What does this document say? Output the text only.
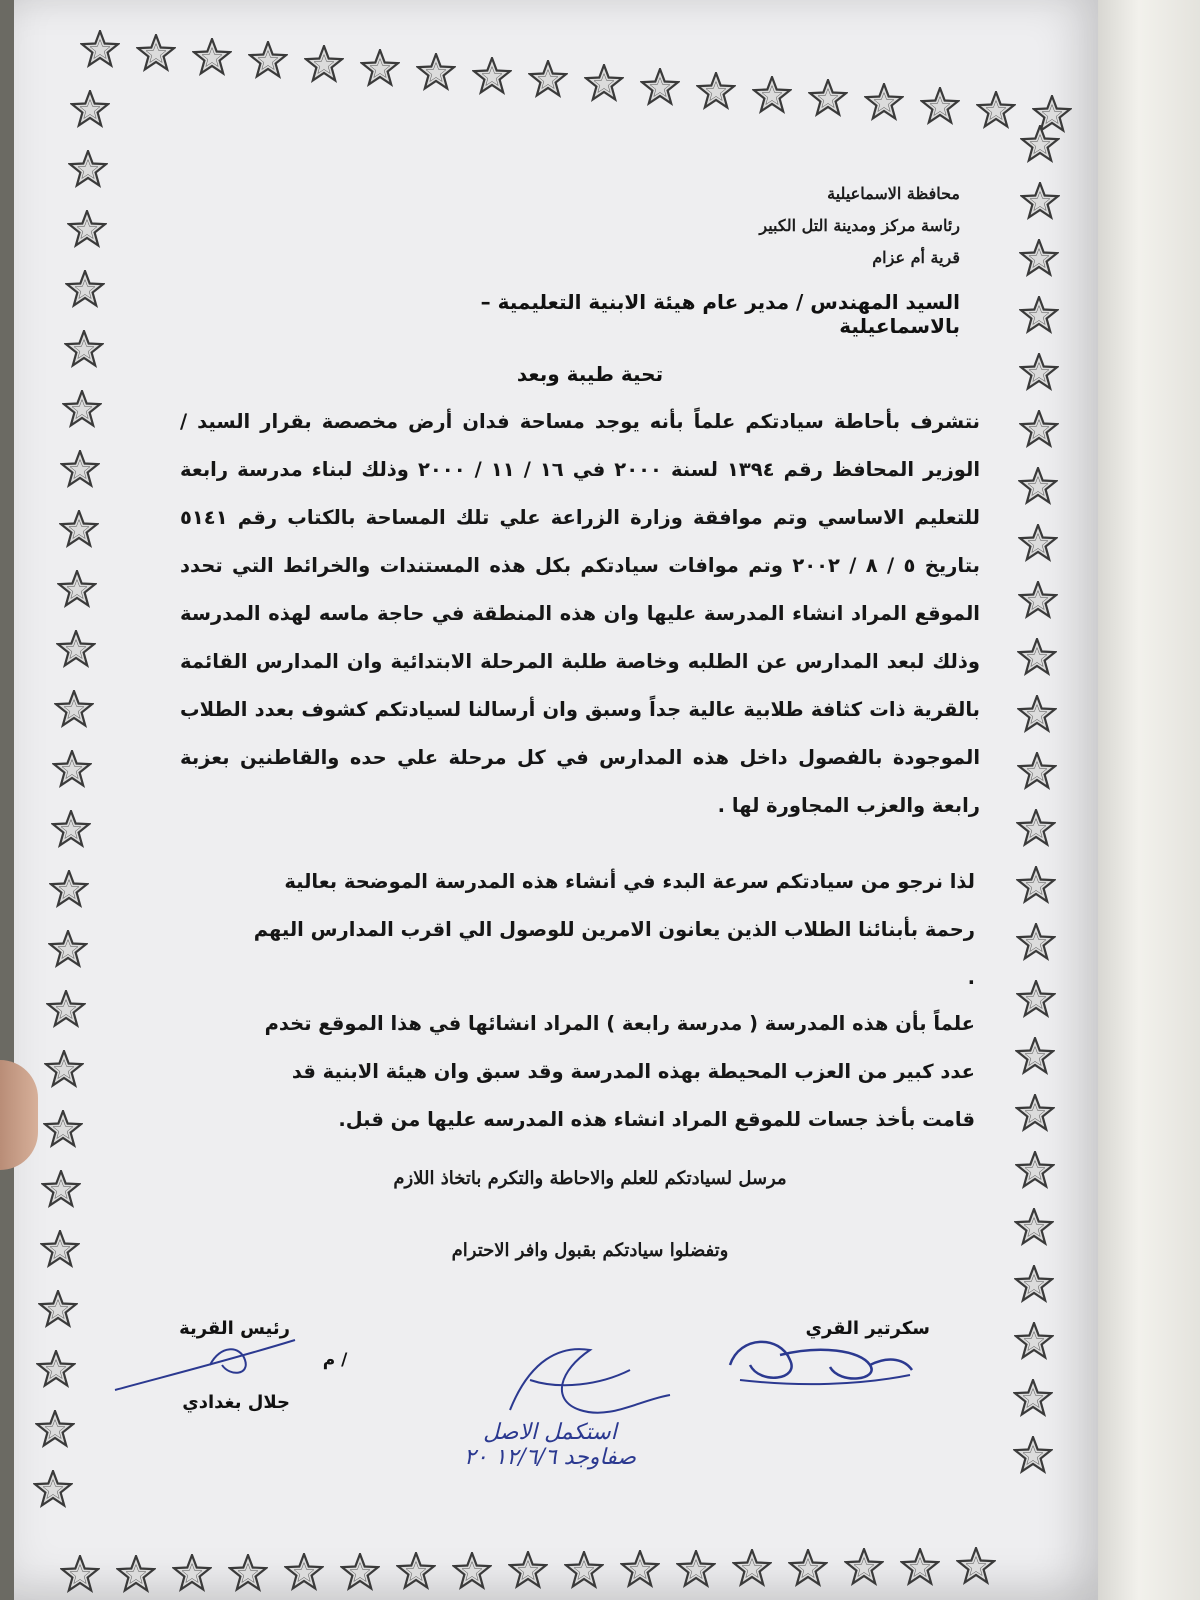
محافظة الاسماعيلية
رئاسة مركز ومدينة التل الكبير
قرية أم عزام
السيد المهندس / مدير عام هيئة الابنية التعليمية – بالاسماعيلية
تحية طيبة وبعد
نتشرف بأحاطة سيادتكم علماً بأنه يوجد مساحة فدان أرض مخصصة بقرار السيد / الوزير المحافظ رقم ١٣٩٤ لسنة ٢٠٠٠ في ١٦ / ١١ / ٢٠٠٠ وذلك لبناء مدرسة رابعة للتعليم الاساسي وتم موافقة وزارة الزراعة علي تلك المساحة بالكتاب رقم ٥١٤١ بتاريخ ٥ / ٨ / ٢٠٠٢ وتم موافات سيادتكم بكل هذه المستندات والخرائط التي تحدد الموقع المراد انشاء المدرسة عليها وان هذه المنطقة في حاجة ماسه لهذه المدرسة وذلك لبعد المدارس عن الطلبه وخاصة طلبة المرحلة الابتدائية وان المدارس القائمة بالقرية ذات كثافة طلابية عالية جداً وسبق وان أرسالنا لسيادتكم كشوف بعدد الطلاب الموجودة بالفصول داخل هذه المدارس في كل مرحلة علي حده والقاطنين بعزبة رابعة والعزب المجاورة لها .
لذا نرجو من سيادتكم سرعة البدء في أنشاء هذه المدرسة الموضحة بعالية رحمة بأبنائنا الطلاب الذين يعانون الامرين للوصول الي اقرب المدارس اليهم .
علماً بأن هذه المدرسة ( مدرسة رابعة ) المراد انشائها في هذا الموقع تخدم عدد كبير من العزب المحيطة بهذه المدرسة وقد سبق وان هيئة الابنية قد قامت بأخذ جسات للموقع المراد انشاء هذه المدرسه عليها من قبل.
مرسل لسيادتكم للعلم والاحاطة والتكرم باتخاذ اللازم
وتفضلوا سيادتكم بقبول وافر الاحترام
سكرتير القري
رئيس القرية
م /
جلال بغدادي
استكمل الاصل
صفاوجد ١٢/٦/٦ ٢٠
